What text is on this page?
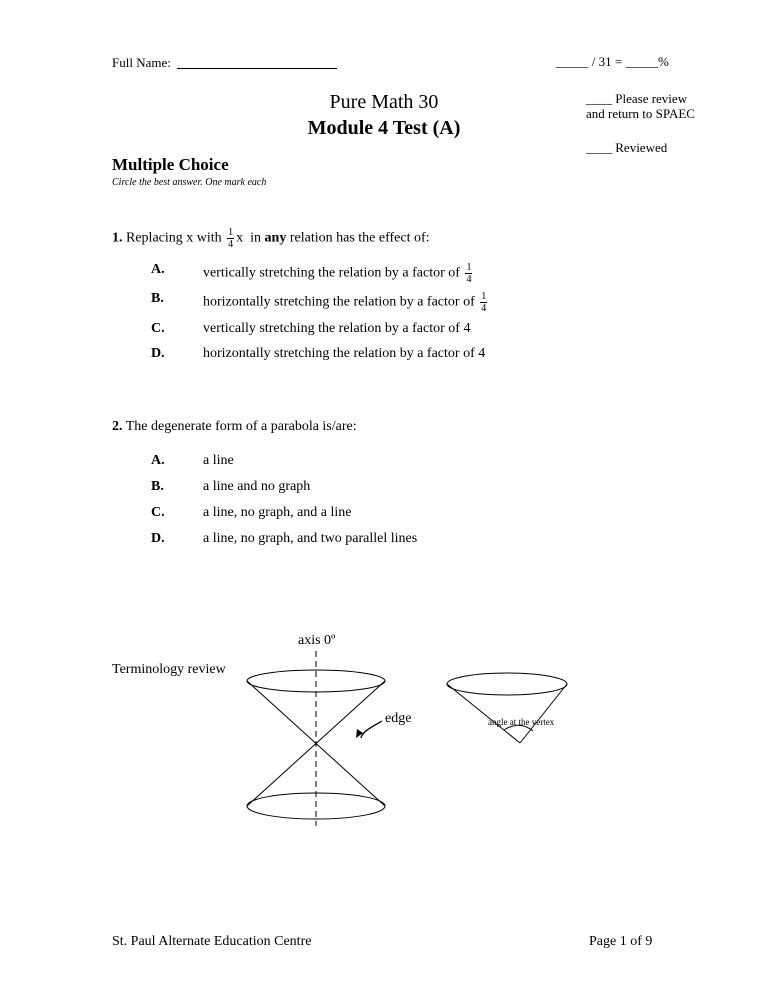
Full Name:	_____ / 31 = _____%
____ Please review
and return to SPAEC
____ Reviewed
Pure Math 30
Module 4 Test (A)
Multiple Choice
Circle the best answer. One mark each
1. Replacing x with $\frac{1}{4}$ x in any relation has the effect of:
A.	vertically stretching the relation by a factor of $\frac{1}{4}$
B.	horizontally stretching the relation by a factor of $\frac{1}{4}$
C.	vertically stretching the relation by a factor of 4
D.	horizontally stretching the relation by a factor of 4
2. The degenerate form of a parabola is/are:
A.	a line
B.	a line and no graph
C.	a line, no graph, and a line
D.	a line, no graph, and two parallel lines
axis 0º
Terminology review
edge	angle at the vertex
St. Paul Alternate Education Centre	Page 1 of 9
